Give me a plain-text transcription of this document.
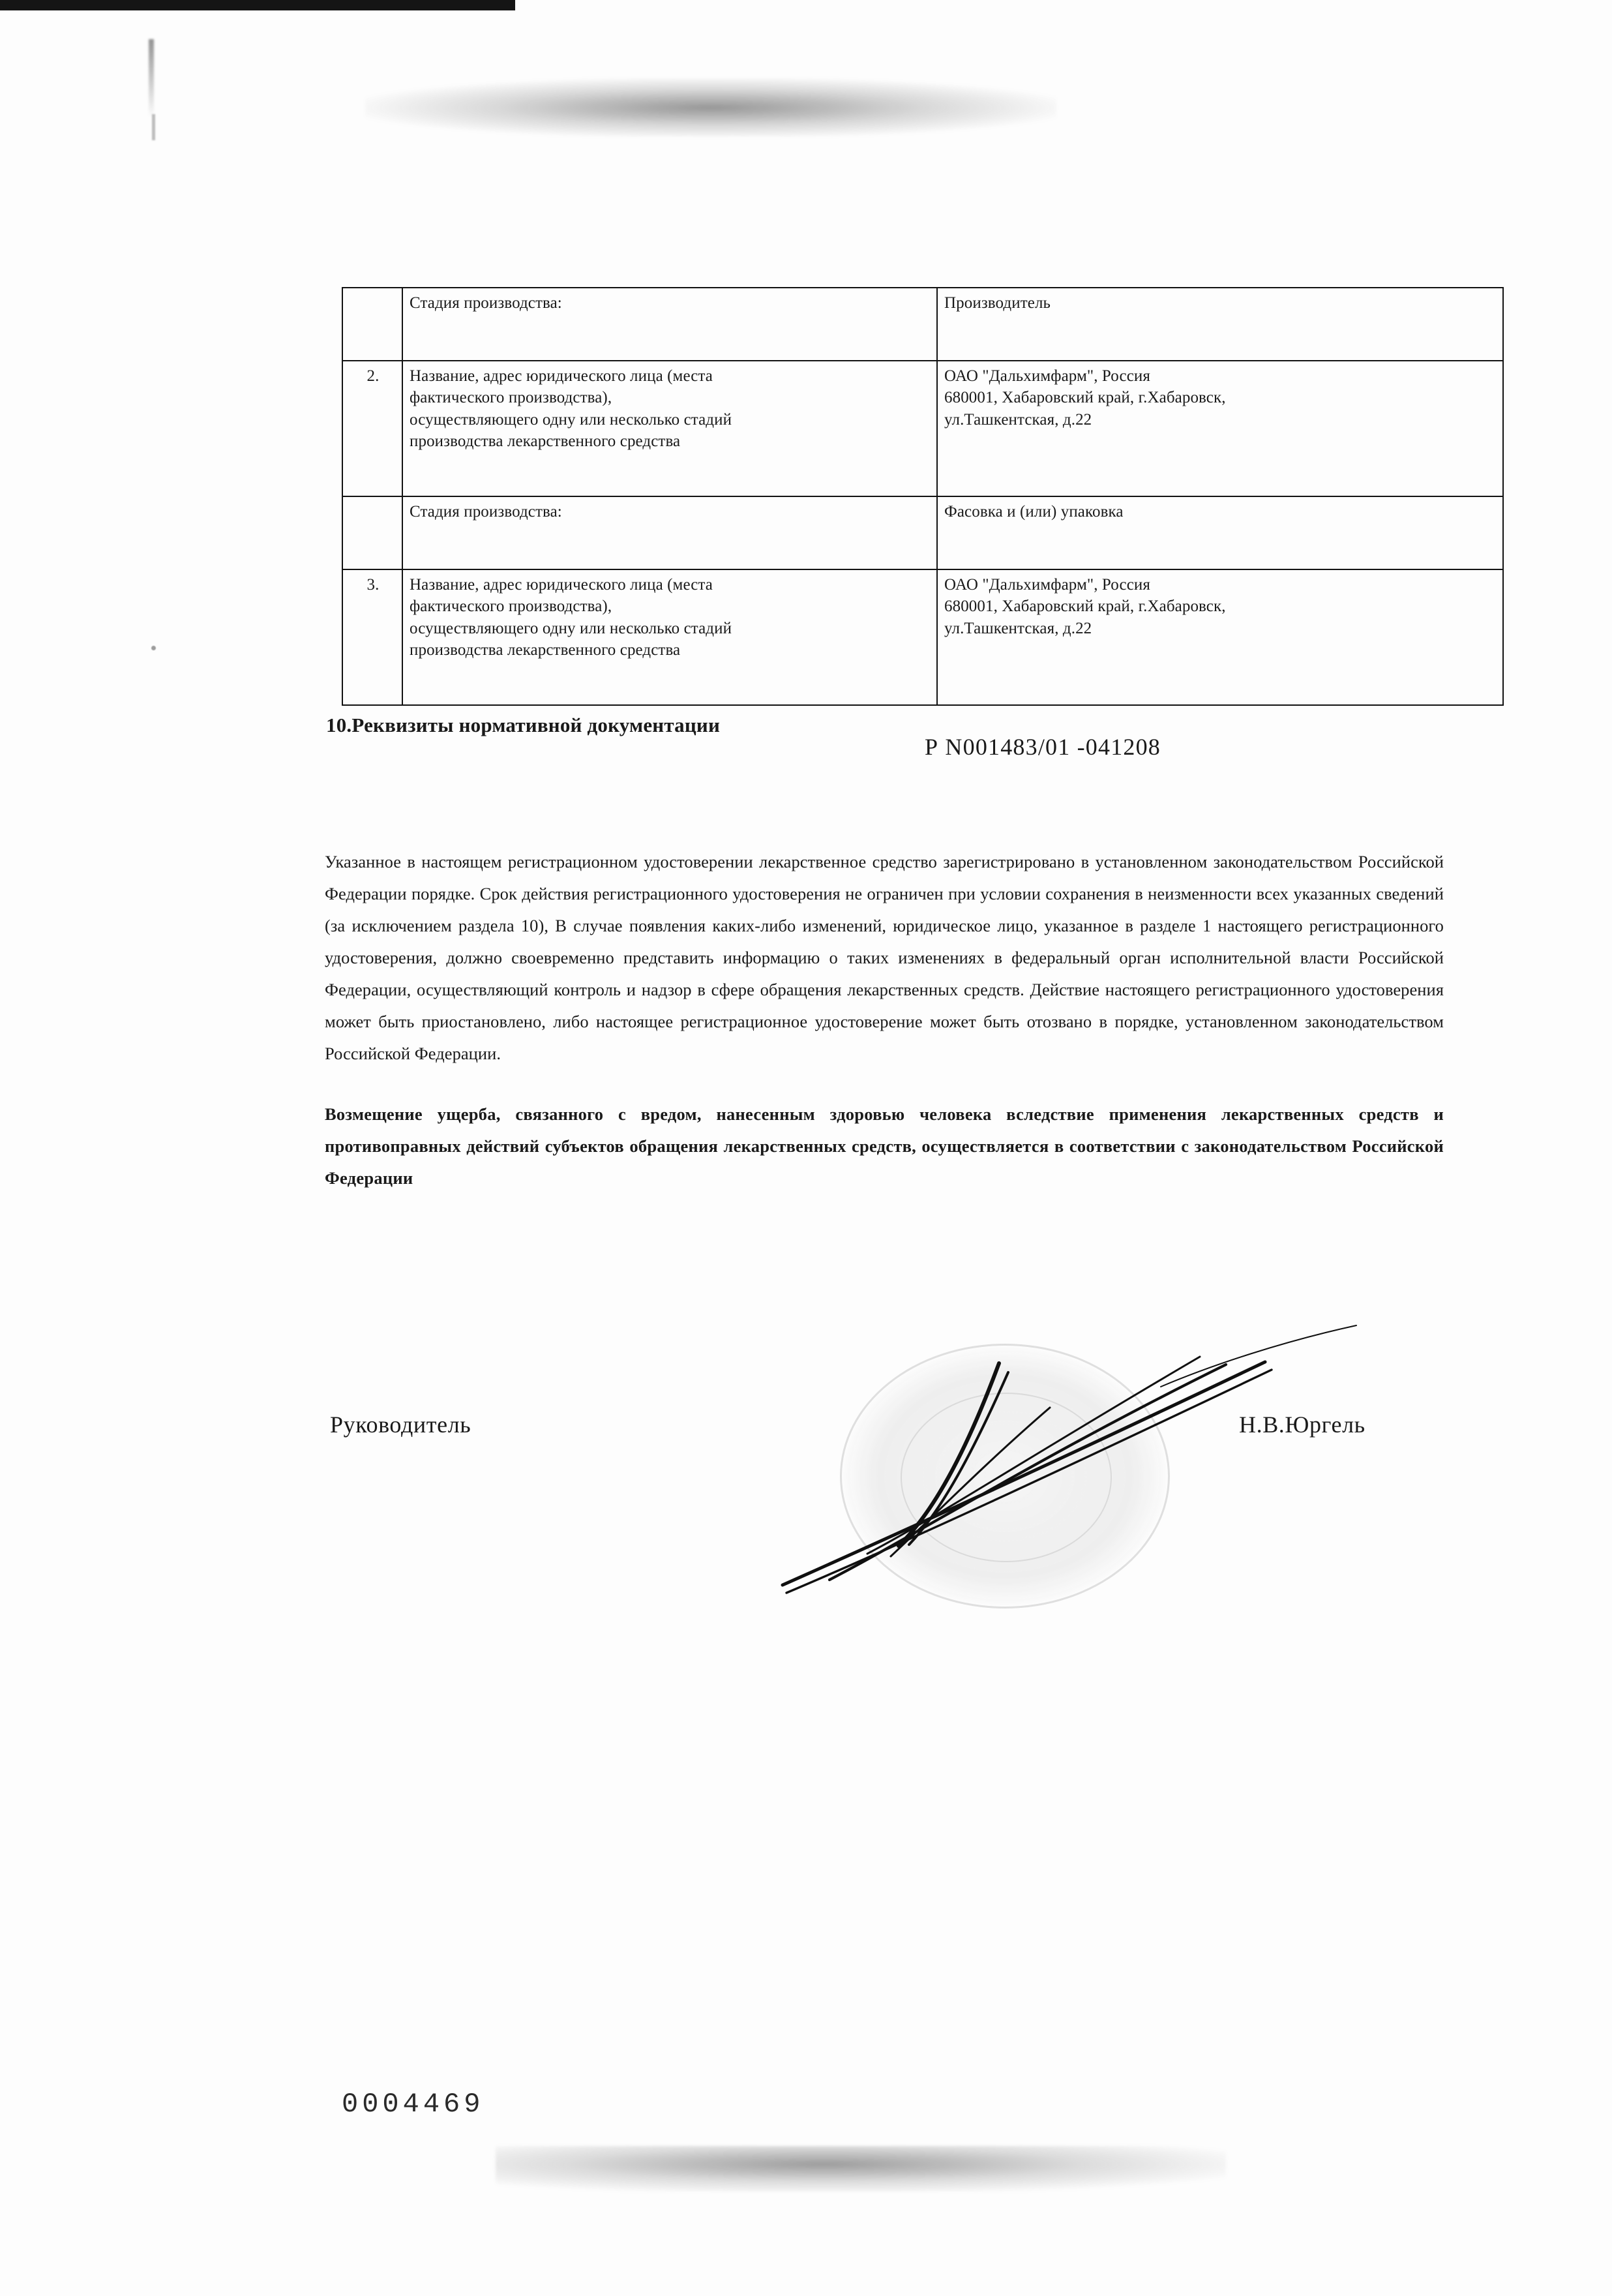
	Стадия производства:	Производитель
2.	Название, адрес юридического лица (места
фактического производства),
осуществляющего одну или несколько стадий
производства лекарственного средства	ОАО "Дальхимфарм", Россия
680001, Хабаровский край, г.Хабаровск,
ул.Ташкентская, д.22

	Стадия производства:	Фасовка и (или) упаковка
3.	Название, адрес юридического лица (места
фактического производства),
осуществляющего одну или несколько стадий
производства лекарственного средства	ОАО "Дальхимфарм", Россия
680001, Хабаровский край, г.Хабаровск,
ул.Ташкентская, д.22
10.Реквизиты нормативной документации
Р N001483/01 -041208

Указанное в настоящем регистрационном удостоверении лекарственное средство зарегистрировано в установленном законодательством Российской Федерации порядке. Срок действия регистрационного удостоверения не ограничен при условии сохранения в неизменности всех указанных сведений (за исключением раздела 10), В случае появления каких-либо изменений, юридическое лицо, указанное в разделе 1 настоящего регистрационного удостоверения, должно своевременно представить информацию о таких изменениях в федеральный орган исполнительной власти Российской Федерации, осуществляющий контроль и надзор в сфере обращения лекарственных средств. Действие настоящего регистрационного удостоверения может быть приостановлено, либо настоящее регистрационное удостоверение может быть отозвано в порядке, установленном законодательством Российской Федерации.

Возмещение ущерба, связанного с вредом, нанесенным здоровью человека вследствие применения лекарственных средств и противоправных действий субъектов обращения лекарственных средств, осуществляется в соответствии с законодательством Российской Федерации

Руководитель	Н.В.Юргель
0004469
